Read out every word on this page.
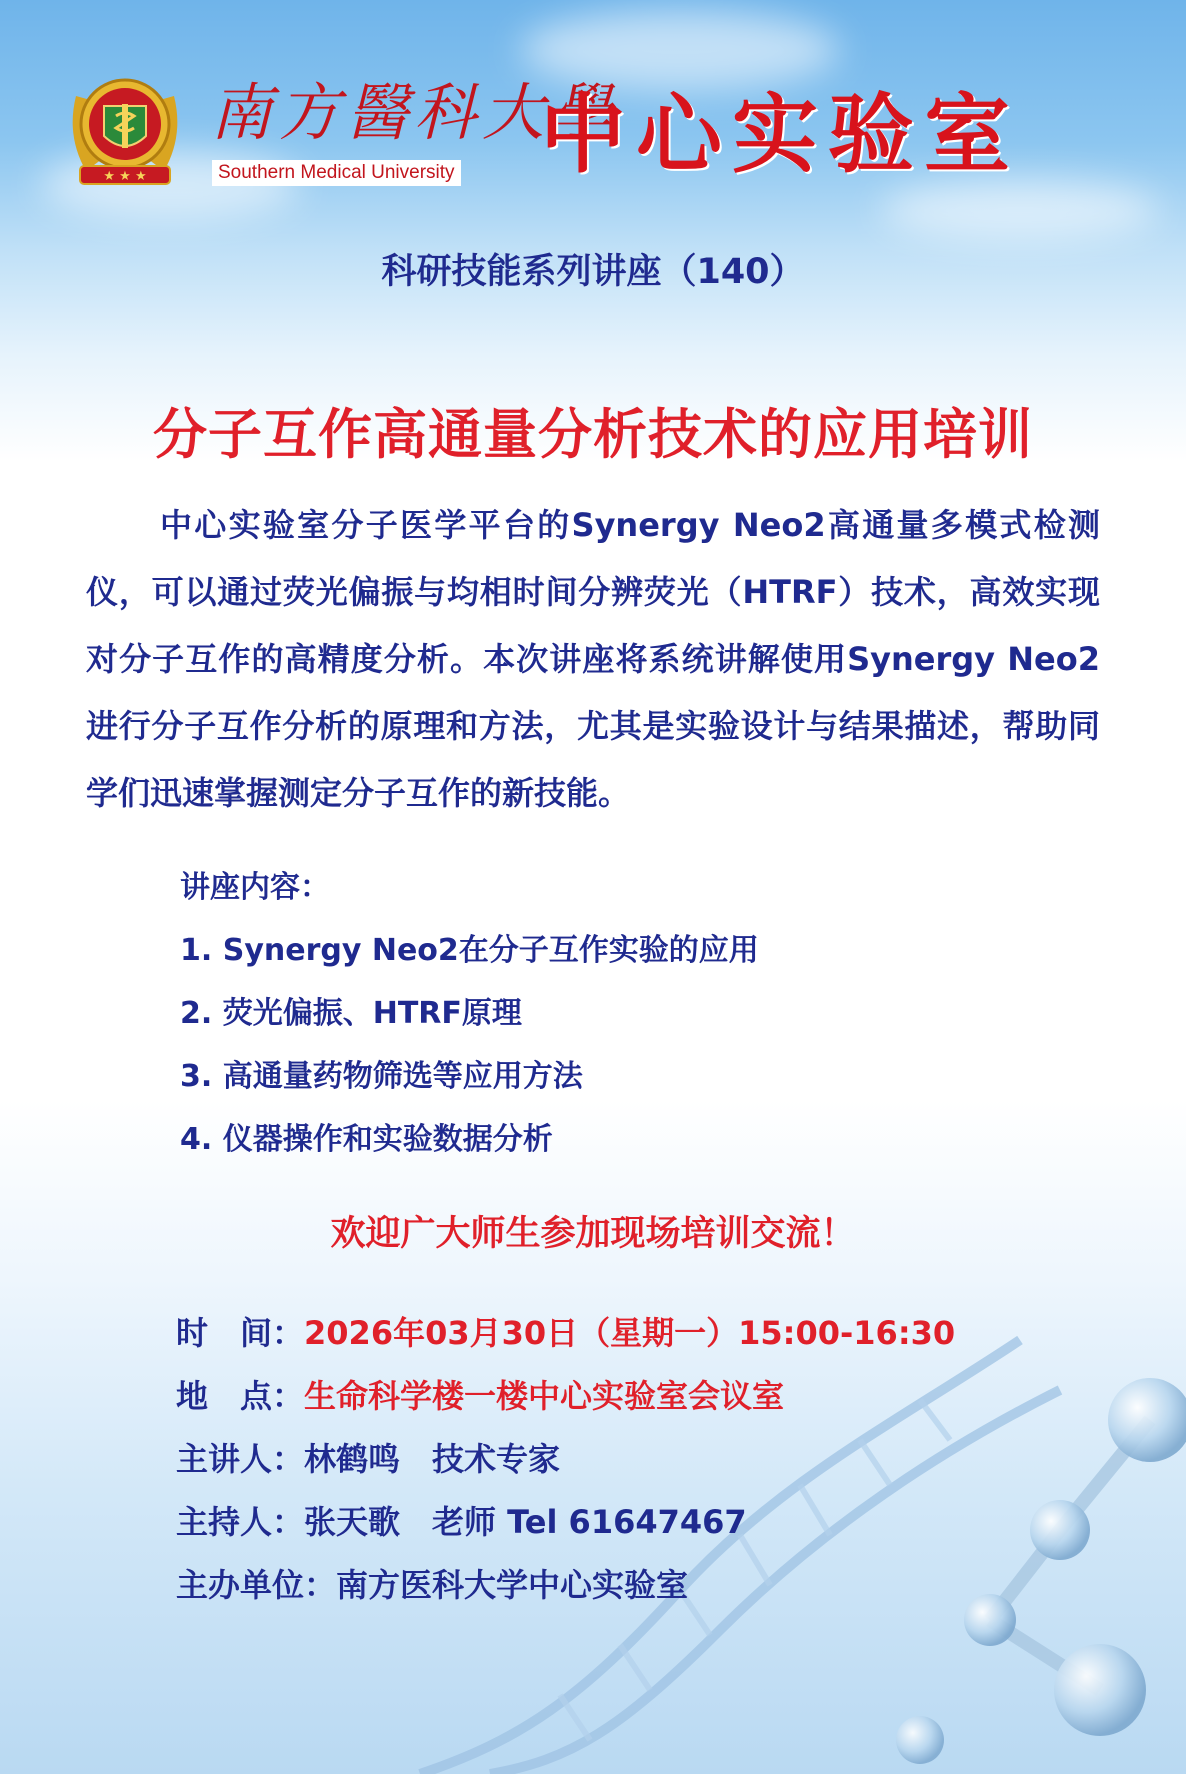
★ ★ ★
南方醫科大學
Southern Medical University 中心实验室
科研技能系列讲座（140）
分子互作高通量分析技术的应用培训

中心实验室分子医学平台的Synergy Neo2高通量多模式检测仪，可以通过荧光偏振与均相时间分辨荧光（HTRF）技术，高效实现对分子互作的高精度分析。本次讲座将系统讲解使用Synergy Neo2进行分子互作分析的原理和方法，尤其是实验设计与结果描述，帮助同学们迅速掌握测定分子互作的新技能。

讲座内容：
1. Synergy Neo2在分子互作实验的应用
2. 荧光偏振、HTRF原理
3. 高通量药物筛选等应用方法
4. 仪器操作和实验数据分析
欢迎广大师生参加现场培训交流！
时　间：2026年03月30日（星期一）15:00-16:30
地　点：生命科学楼一楼中心实验室会议室
主讲人：林鹤鸣　技术专家
主持人：张天歌　老师 Tel 61647467
主办单位：南方医科大学中心实验室
